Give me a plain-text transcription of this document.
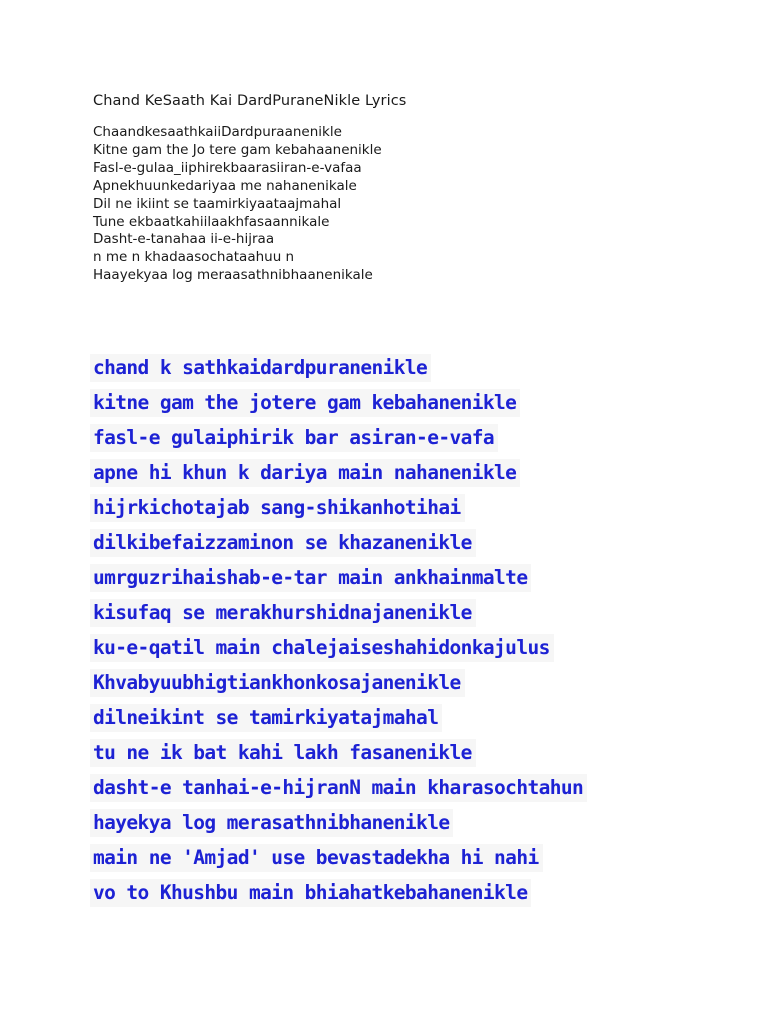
Chand KeSaath Kai DardPuraneNikle Lyrics
ChaandkesaathkaiiDardpuraanenikle
Kitne gam the Jo tere gam kebahaanenikle
Fasl-e-gulaa_iiphirekbaarasiiran-e-vafaa
Apnekhuunkedariyaa me nahanenikale
Dil ne ikiint se taamirkiyaataajmahal
Tune ekbaatkahiilaakhfasaannikale
Dasht-e-tanahaa ii-e-hijraa
n me n khadaasochataahuu n
Haayekyaa log meraasathnibhaanenikale
chand k sathkaidardpuranenikle
kitne gam the jotere gam kebahanenikle
fasl-e gulaiphirik bar asiran-e-vafa
apne hi khun k dariya main nahanenikle
hijrkichotajab sang-shikanhotihai
dilkibefaizzaminon se khazanenikle
umrguzrihaishab-e-tar main ankhainmalte
kisufaq se merakhurshidnajanenikle
ku-e-qatil main chalejaiseshahidonkajulus
Khvabyuubhigtiankhonkosajanenikle
dilneikint se tamirkiyatajmahal
tu ne ik bat kahi lakh fasanenikle
dasht-e tanhai-e-hijranN main kharasochtahun
hayekya log merasathnibhanenikle
main ne 'Amjad' use bevastadekha hi nahi
vo to Khushbu main bhiahatkebahanenikle
